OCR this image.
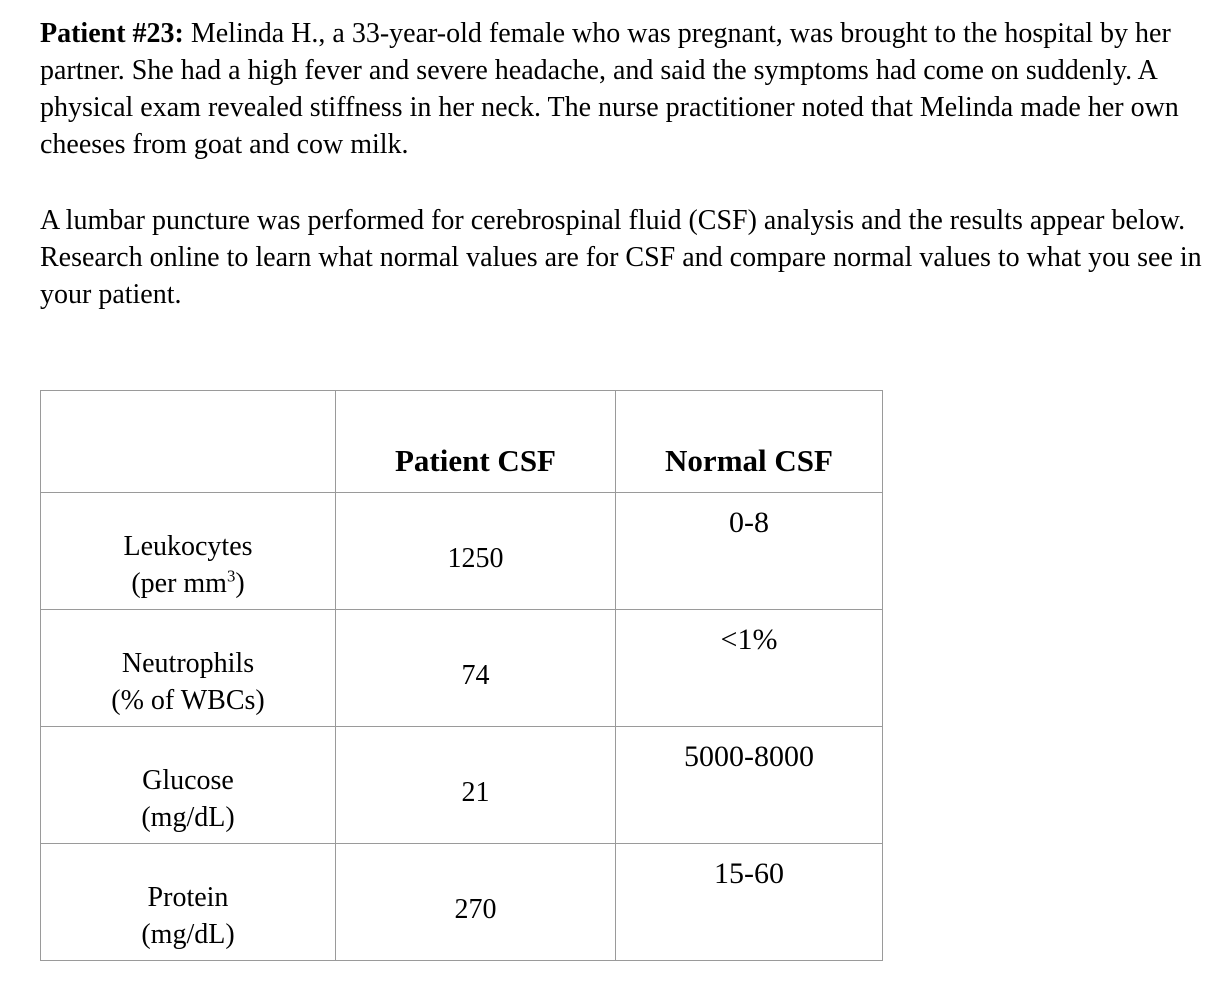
Patient #23: Melinda H., a 33-year-old female who was pregnant, was brought to the hospital by her partner. She had a high fever and severe headache, and said the symptoms had come on suddenly. A physical exam revealed stiffness in her neck. The nurse practitioner noted that Melinda made her own cheeses from goat and cow milk.

A lumbar puncture was performed for cerebrospinal fluid (CSF) analysis and the results appear below. Research online to learn what normal values are for CSF and compare normal values to what you see in your patient.

	Patient CSF	Normal CSF

Leukocytes
(per $mm^3$)	1250	0-8

Neutrophils
(% of WBCs)	74	<1%

Glucose
(mg/dL)	21	5000-8000

Protein
(mg/dL)	270	15-60
